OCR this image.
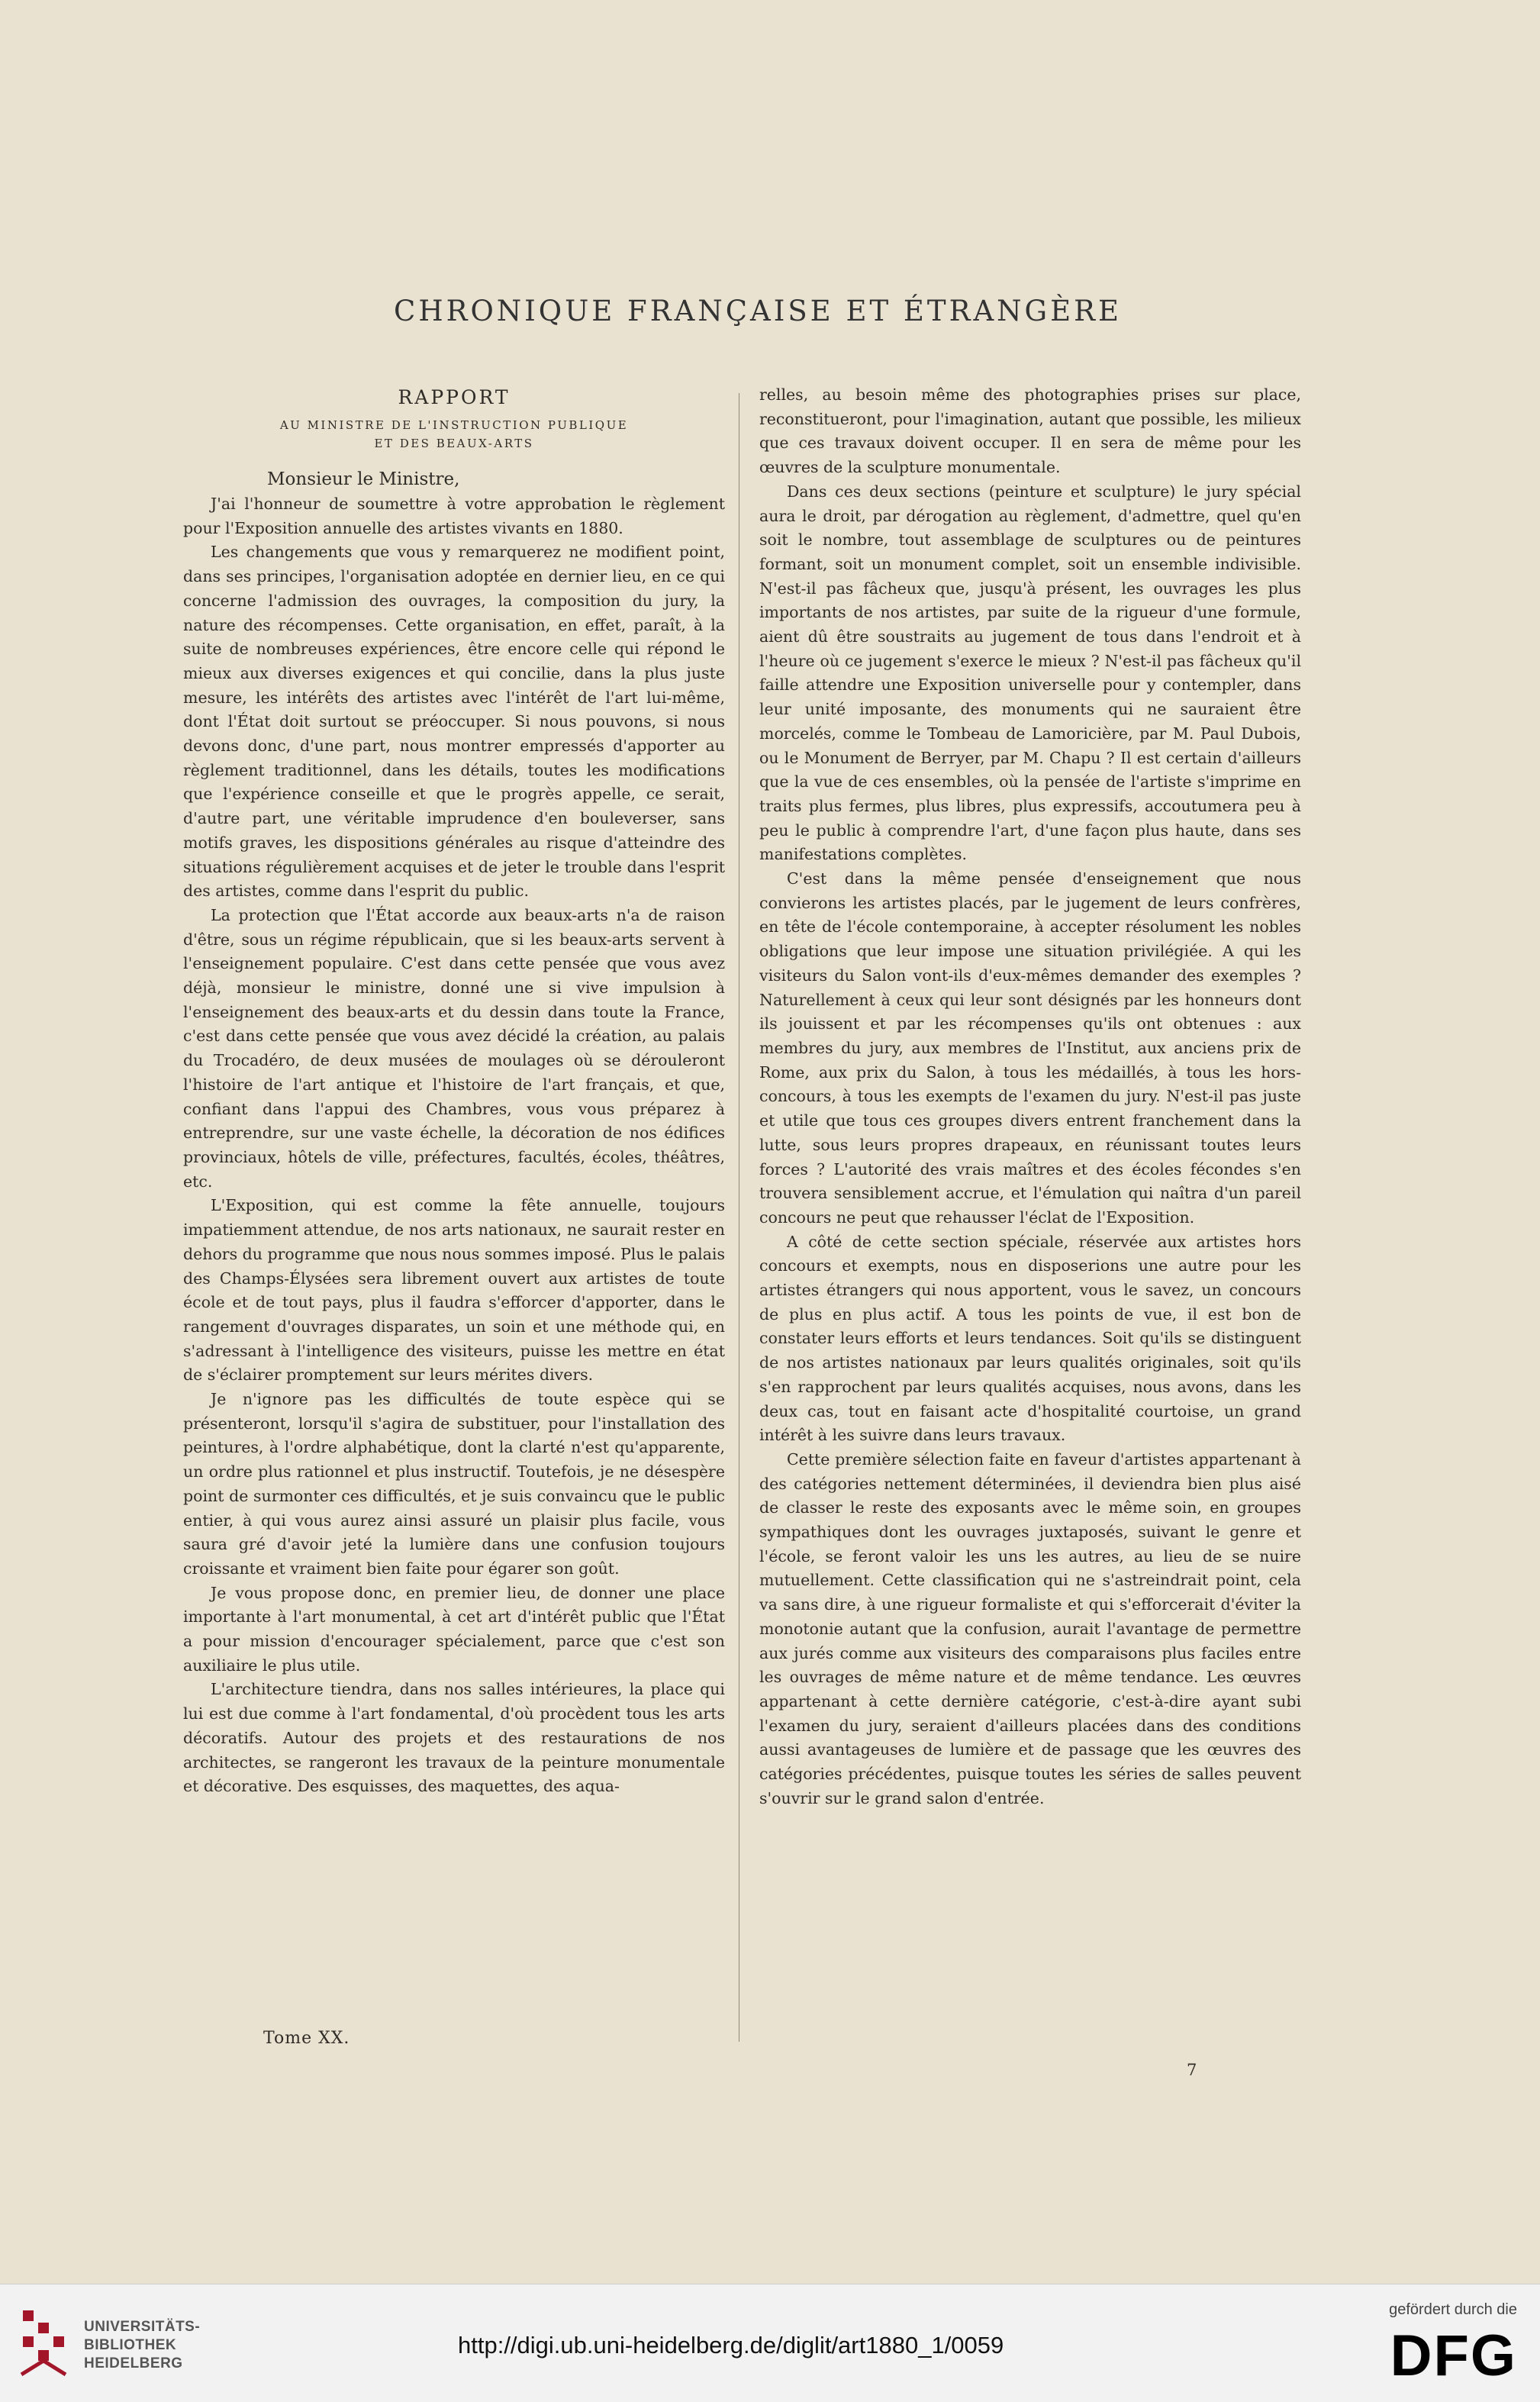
CHRONIQUE FRANÇAISE ET ÉTRANGÈRE
RAPPORT
AU MINISTRE DE L'INSTRUCTION PUBLIQUE
ET DES BEAUX-ARTS
Monsieur le Ministre,

J'ai l'honneur de soumettre à votre approbation le règlement pour l'Exposition annuelle des artistes vivants en 1880.

Les changements que vous y remarquerez ne modifient point, dans ses principes, l'organisation adoptée en dernier lieu, en ce qui concerne l'admission des ouvrages, la composition du jury, la nature des récompenses. Cette organisation, en effet, paraît, à la suite de nombreuses expériences, être encore celle qui répond le mieux aux diverses exigences et qui concilie, dans la plus juste mesure, les intérêts des artistes avec l'intérêt de l'art lui-même, dont l'État doit surtout se préoccuper. Si nous pouvons, si nous devons donc, d'une part, nous montrer empressés d'apporter au règlement traditionnel, dans les détails, toutes les modifications que l'expérience conseille et que le progrès appelle, ce serait, d'autre part, une véritable imprudence d'en bouleverser, sans motifs graves, les dispositions générales au risque d'atteindre des situations régulièrement acquises et de jeter le trouble dans l'esprit des artistes, comme dans l'esprit du public.

La protection que l'État accorde aux beaux-arts n'a de raison d'être, sous un régime républicain, que si les beaux-arts servent à l'enseignement populaire. C'est dans cette pensée que vous avez déjà, monsieur le ministre, donné une si vive impulsion à l'enseignement des beaux-arts et du dessin dans toute la France, c'est dans cette pensée que vous avez décidé la création, au palais du Trocadéro, de deux musées de moulages où se dérouleront l'histoire de l'art antique et l'histoire de l'art français, et que, confiant dans l'appui des Chambres, vous vous préparez à entreprendre, sur une vaste échelle, la décoration de nos édifices provinciaux, hôtels de ville, préfectures, facultés, écoles, théâtres, etc.

L'Exposition, qui est comme la fête annuelle, toujours impatiemment attendue, de nos arts nationaux, ne saurait rester en dehors du programme que nous nous sommes imposé. Plus le palais des Champs-Élysées sera librement ouvert aux artistes de toute école et de tout pays, plus il faudra s'efforcer d'apporter, dans le rangement d'ouvrages disparates, un soin et une méthode qui, en s'adressant à l'intelligence des visiteurs, puisse les mettre en état de s'éclairer promptement sur leurs mérites divers.

Je n'ignore pas les difficultés de toute espèce qui se présenteront, lorsqu'il s'agira de substituer, pour l'installation des peintures, à l'ordre alphabétique, dont la clarté n'est qu'apparente, un ordre plus rationnel et plus instructif. Toutefois, je ne désespère point de surmonter ces difficultés, et je suis convaincu que le public entier, à qui vous aurez ainsi assuré un plaisir plus facile, vous saura gré d'avoir jeté la lumière dans une confusion toujours croissante et vraiment bien faite pour égarer son goût.

Je vous propose donc, en premier lieu, de donner une place importante à l'art monumental, à cet art d'intérêt public que l'État a pour mission d'encourager spécialement, parce que c'est son auxiliaire le plus utile.

L'architecture tiendra, dans nos salles intérieures, la place qui lui est due comme à l'art fondamental, d'où procèdent tous les arts décoratifs. Autour des projets et des restaurations de nos architectes, se rangeront les travaux de la peinture monumentale et décorative. Des esquisses, des maquettes, des aqua-

relles, au besoin même des photographies prises sur place, reconstitueront, pour l'imagination, autant que possible, les milieux que ces travaux doivent occuper. Il en sera de même pour les œuvres de la sculpture monumentale.

Dans ces deux sections (peinture et sculpture) le jury spécial aura le droit, par dérogation au règlement, d'admettre, quel qu'en soit le nombre, tout assemblage de sculptures ou de peintures formant, soit un monument complet, soit un ensemble indivisible. N'est-il pas fâcheux que, jusqu'à présent, les ouvrages les plus importants de nos artistes, par suite de la rigueur d'une formule, aient dû être soustraits au jugement de tous dans l'endroit et à l'heure où ce jugement s'exerce le mieux ? N'est-il pas fâcheux qu'il faille attendre une Exposition universelle pour y contempler, dans leur unité imposante, des monuments qui ne sauraient être morcelés, comme le Tombeau de Lamoricière, par M. Paul Dubois, ou le Monument de Berryer, par M. Chapu ? Il est certain d'ailleurs que la vue de ces ensembles, où la pensée de l'artiste s'imprime en traits plus fermes, plus libres, plus expressifs, accoutumera peu à peu le public à comprendre l'art, d'une façon plus haute, dans ses manifestations complètes.

C'est dans la même pensée d'enseignement que nous convierons les artistes placés, par le jugement de leurs confrères, en tête de l'école contemporaine, à accepter résolument les nobles obligations que leur impose une situation privilégiée. A qui les visiteurs du Salon vont-ils d'eux-mêmes demander des exemples ? Naturellement à ceux qui leur sont désignés par les honneurs dont ils jouissent et par les récompenses qu'ils ont obtenues : aux membres du jury, aux membres de l'Institut, aux anciens prix de Rome, aux prix du Salon, à tous les médaillés, à tous les hors-concours, à tous les exempts de l'examen du jury. N'est-il pas juste et utile que tous ces groupes divers entrent franchement dans la lutte, sous leurs propres drapeaux, en réunissant toutes leurs forces ? L'autorité des vrais maîtres et des écoles fécondes s'en trouvera sensiblement accrue, et l'émulation qui naîtra d'un pareil concours ne peut que rehausser l'éclat de l'Exposition.

A côté de cette section spéciale, réservée aux artistes hors concours et exempts, nous en disposerions une autre pour les artistes étrangers qui nous apportent, vous le savez, un concours de plus en plus actif. A tous les points de vue, il est bon de constater leurs efforts et leurs tendances. Soit qu'ils se distinguent de nos artistes nationaux par leurs qualités originales, soit qu'ils s'en rapprochent par leurs qualités acquises, nous avons, dans les deux cas, tout en faisant acte d'hospitalité courtoise, un grand intérêt à les suivre dans leurs travaux.

Cette première sélection faite en faveur d'artistes appartenant à des catégories nettement déterminées, il deviendra bien plus aisé de classer le reste des exposants avec le même soin, en groupes sympathiques dont les ouvrages juxtaposés, suivant le genre et l'école, se feront valoir les uns les autres, au lieu de se nuire mutuellement. Cette classification qui ne s'astreindrait point, cela va sans dire, à une rigueur formaliste et qui s'efforcerait d'éviter la monotonie autant que la confusion, aurait l'avantage de permettre aux jurés comme aux visiteurs des comparaisons plus faciles entre les ouvrages de même nature et de même tendance. Les œuvres appartenant à cette dernière catégorie, c'est-à-dire ayant subi l'examen du jury, seraient d'ailleurs placées dans des conditions aussi avantageuses de lumière et de passage que les œuvres des catégories précédentes, puisque toutes les séries de salles peuvent s'ouvrir sur le grand salon d'entrée.

Tome XX.
7
UNIVERSITÄTS-
BIBLIOTHEK
HEIDELBERG
http://digi.ub.uni-heidelberg.de/diglit/art1880_1/0059
gefördert durch die
DFG
